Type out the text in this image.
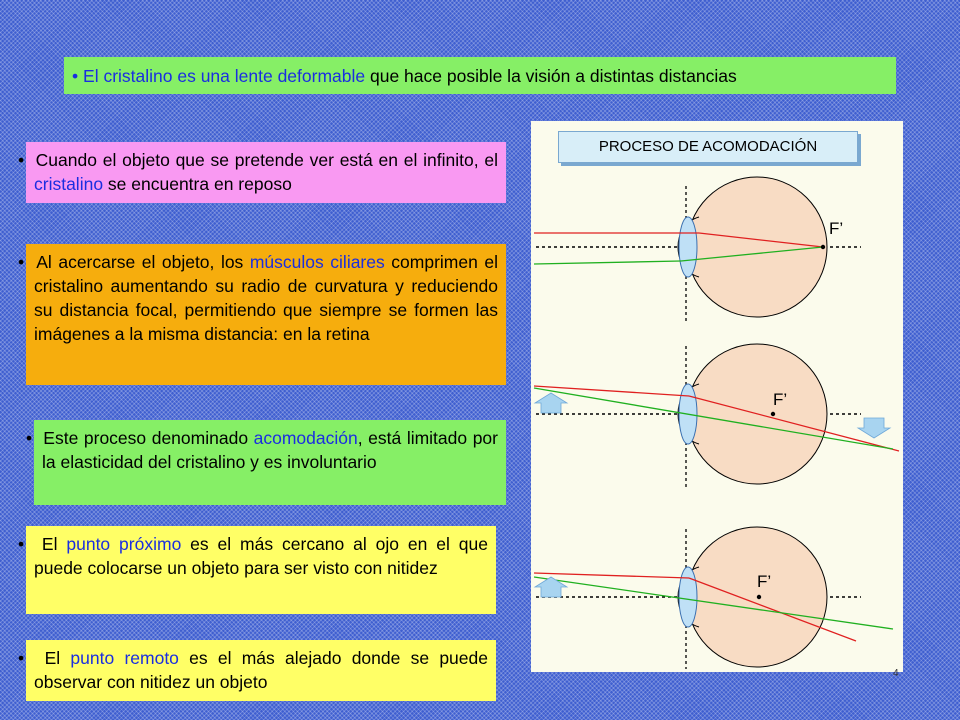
• El cristalino es una lente deformable que hace posible la visión a distintas distancias
• Cuando el objeto que se pretende ver está en el infinito, el cristalino se encuentra en reposo
• Al acercarse el objeto, los músculos ciliares comprimen el cristalino aumentando su radio de curvatura y reduciendo su distancia focal, permitiendo que siempre se formen las imágenes a la misma distancia: en la retina
• Este proceso denominado acomodación, está limitado por la elasticidad del cristalino y es involuntario
• El punto próximo es el más cercano al ojo en el que puede colocarse un objeto para ser visto con nitidez
• El punto remoto es el más alejado donde se puede observar con nitidez un objeto
F’
F’
F’
PROCESO DE ACOMODACIÓN
4
